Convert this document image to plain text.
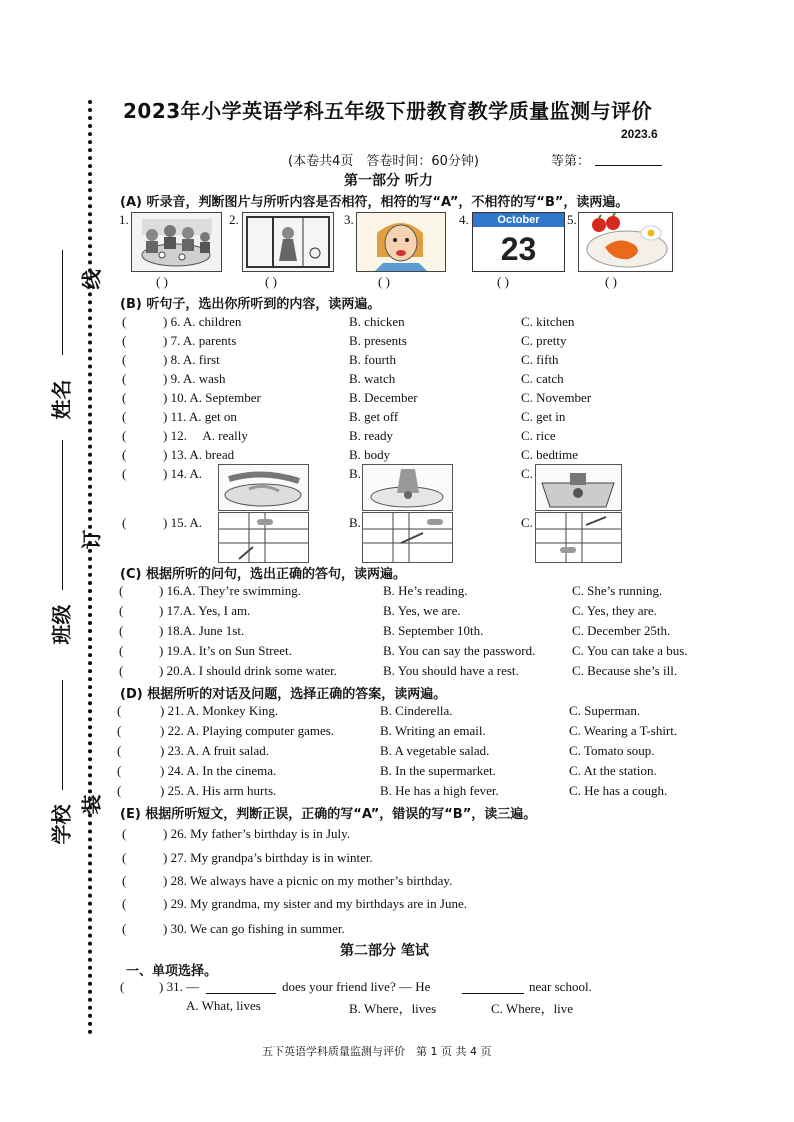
线
姓名
订
班级
装
学校
2023年小学英语学科五年级下册教育教学质量监测与评价
2023.6
(本卷共4页　答卷时间：60分钟)	等第：
第一部分 听力
(A) 听录音，判断图片与所听内容是否相符，相符的写“A”，不相符的写“B”，读两遍。
1.
( )
2.
( )
3.
( )
4.	October
23
( )
5.
( )
(B) 听句子，选出你所听到的内容，读两遍。
(	) 6. A. children	B. chicken	C. kitchen
(	) 7. A. parents	B. presents	C. pretty
(	) 8. A. first	B. fourth	C. fifth
(	) 9. A. wash	B. watch	C. catch
(	) 10. A. September	B. December	C. November
(	) 11. A. get on	B. get off	C. get in
(	) 12.     A. really	B. ready	C. rice
(	) 13. A. bread	B. body	C. bedtime
(	) 14. A.	B.	C.
(	) 15. A.	B.	C.
(C) 根据所听的问句，选出正确的答句，读两遍。
(	) 16.A. They’re swimming.	B. He’s reading.	C. She’s running.
(	) 17.A. Yes, I am.	B. Yes, we are.	C. Yes, they are.
(	) 18.A. June 1st.	B. September 10th.	C. December 25th.
(	) 19.A. It’s on Sun Street.	B. You can say the password.	C. You can take a bus.
(	) 20.A. I should drink some water.	B. You should have a rest.	C. Because she’s ill.
(D) 根据所听的对话及问题，选择正确的答案，读两遍。
(	) 21. A. Monkey King.	B. Cinderella.	C. Superman.
(	) 22. A. Playing computer games.	B. Writing an email.	C. Wearing a T-shirt.
(	) 23. A. A fruit salad.	B. A vegetable salad.	C. Tomato soup.
(	) 24. A. In the cinema.	B. In the supermarket.	C. At the station.
(	) 25. A. His arm hurts.	B. He has a high fever.	C. He has a cough.
(E) 根据所听短文，判断正误，正确的写“A”，错误的写“B”，读三遍。
(	) 26. My father’s birthday is in July.
(	) 27. My grandpa’s birthday is in winter.
(	) 28. We always have a picnic on my mother’s birthday.
(	) 29. My grandma, my sister and my birthdays are in June.
(	) 30. We can go fishing in summer.
第二部分 笔试
一、单项选择。
(	) 31. —	does your friend live? — He	near school.
A. What, lives	B. Where，lives	C. Where，live
五下英语学科质量监测与评价　第 1 页 共 4 页
